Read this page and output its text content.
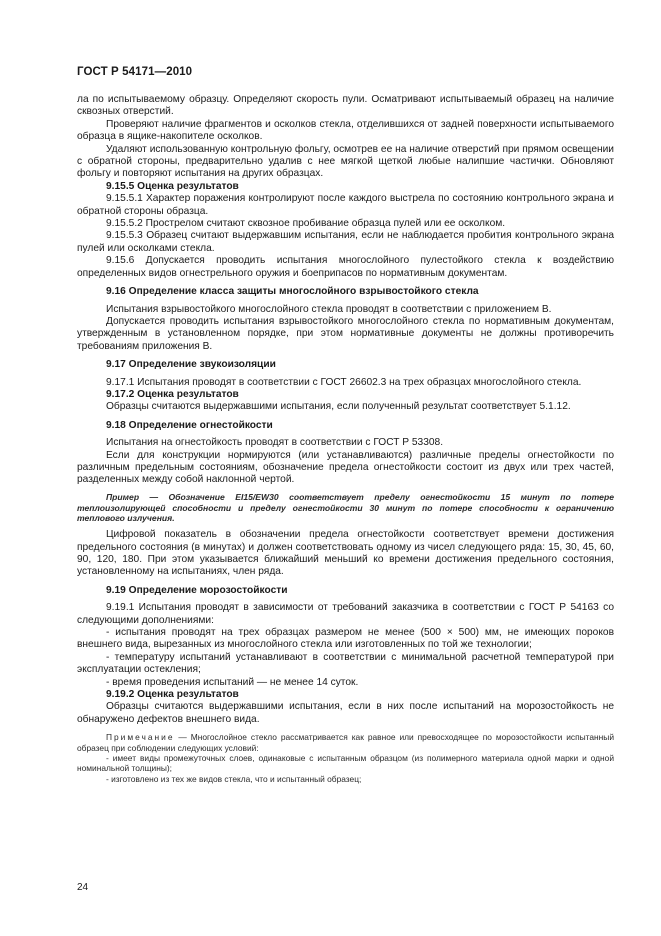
ГОСТ Р 54171—2010

ла по испытываемому образцу. Определяют скорость пули. Осматривают испытываемый образец на наличие сквозных отверстий.

Проверяют наличие фрагментов и осколков стекла, отделившихся от задней поверхности испытываемого образца в ящике-накопителе осколков.

Удаляют использованную контрольную фольгу, осмотрев ее на наличие отверстий при прямом освещении с обратной стороны, предварительно удалив с нее мягкой щеткой любые налипшие частички. Обновляют фольгу и повторяют испытания на других образцах.

9.15.5 Оценка результатов

9.15.5.1 Характер поражения контролируют после каждого выстрела по состоянию контрольного экрана и обратной стороны образца.

9.15.5.2 Прострелом считают сквозное пробивание образца пулей или ее осколком.

9.15.5.3 Образец считают выдержавшим испытания, если не наблюдается пробития контрольного экрана пулей или осколками стекла.

9.15.6 Допускается проводить испытания многослойного пулестойкого стекла к воздействию определенных видов огнестрельного оружия и боеприпасов по нормативным документам.

9.16 Определение класса защиты многослойного взрывостойкого стекла

Испытания взрывостойкого многослойного стекла проводят в соответствии с приложением В.

Допускается проводить испытания взрывостойкого многослойного стекла по нормативным документам, утвержденным в установленном порядке, при этом нормативные документы не должны противоречить требованиям приложения В.

9.17 Определение звукоизоляции

9.17.1 Испытания проводят в соответствии с ГОСТ 26602.3 на трех образцах многослойного стекла.

9.17.2 Оценка результатов

Образцы считаются выдержавшими испытания, если полученный результат соответствует 5.1.12.

9.18 Определение огнестойкости

Испытания на огнестойкость проводят в соответствии с ГОСТ Р 53308.

Если для конструкции нормируются (или устанавливаются) различные пределы огнестойкости по различным предельным состояниям, обозначение предела огнестойкости состоит из двух или трех частей, разделенных между собой наклонной чертой.

Пример — Обозначение EI15/EW30 соответствует пределу огнестойкости 15 минут по потере теплоизолирующей способности и пределу огнестойкости 30 минут по потере способности к ограничению теплового излучения.

Цифровой показатель в обозначении предела огнестойкости соответствует времени достижения предельного состояния (в минутах) и должен соответствовать одному из чисел следующего ряда: 15, 30, 45, 60, 90, 120, 180. При этом указывается ближайший меньший ко времени достижения предельного состояния, установленному на испытаниях, член ряда.

9.19 Определение морозостойкости

9.19.1 Испытания проводят в зависимости от требований заказчика в соответствии с ГОСТ Р 54163 со следующими дополнениями:

- испытания проводят на трех образцах размером не менее (500 × 500) мм, не имеющих пороков внешнего вида, вырезанных из многослойного стекла или изготовленных по той же технологии;

- температуру испытаний устанавливают в соответствии с минимальной расчетной температурой при эксплуатации остекления;

- время проведения испытаний — не менее 14 суток.

9.19.2 Оценка результатов

Образцы считаются выдержавшими испытания, если в них после испытаний на морозостойкость не обнаружено дефектов внешнего вида.

Примечание — Многослойное стекло рассматривается как равное или превосходящее по морозостойкости испытанный образец при соблюдении следующих условий:

- имеет виды промежуточных слоев, одинаковые с испытанным образцом (из полимерного материала одной марки и одной номинальной толщины);

- изготовлено из тех же видов стекла, что и испытанный образец;

24
